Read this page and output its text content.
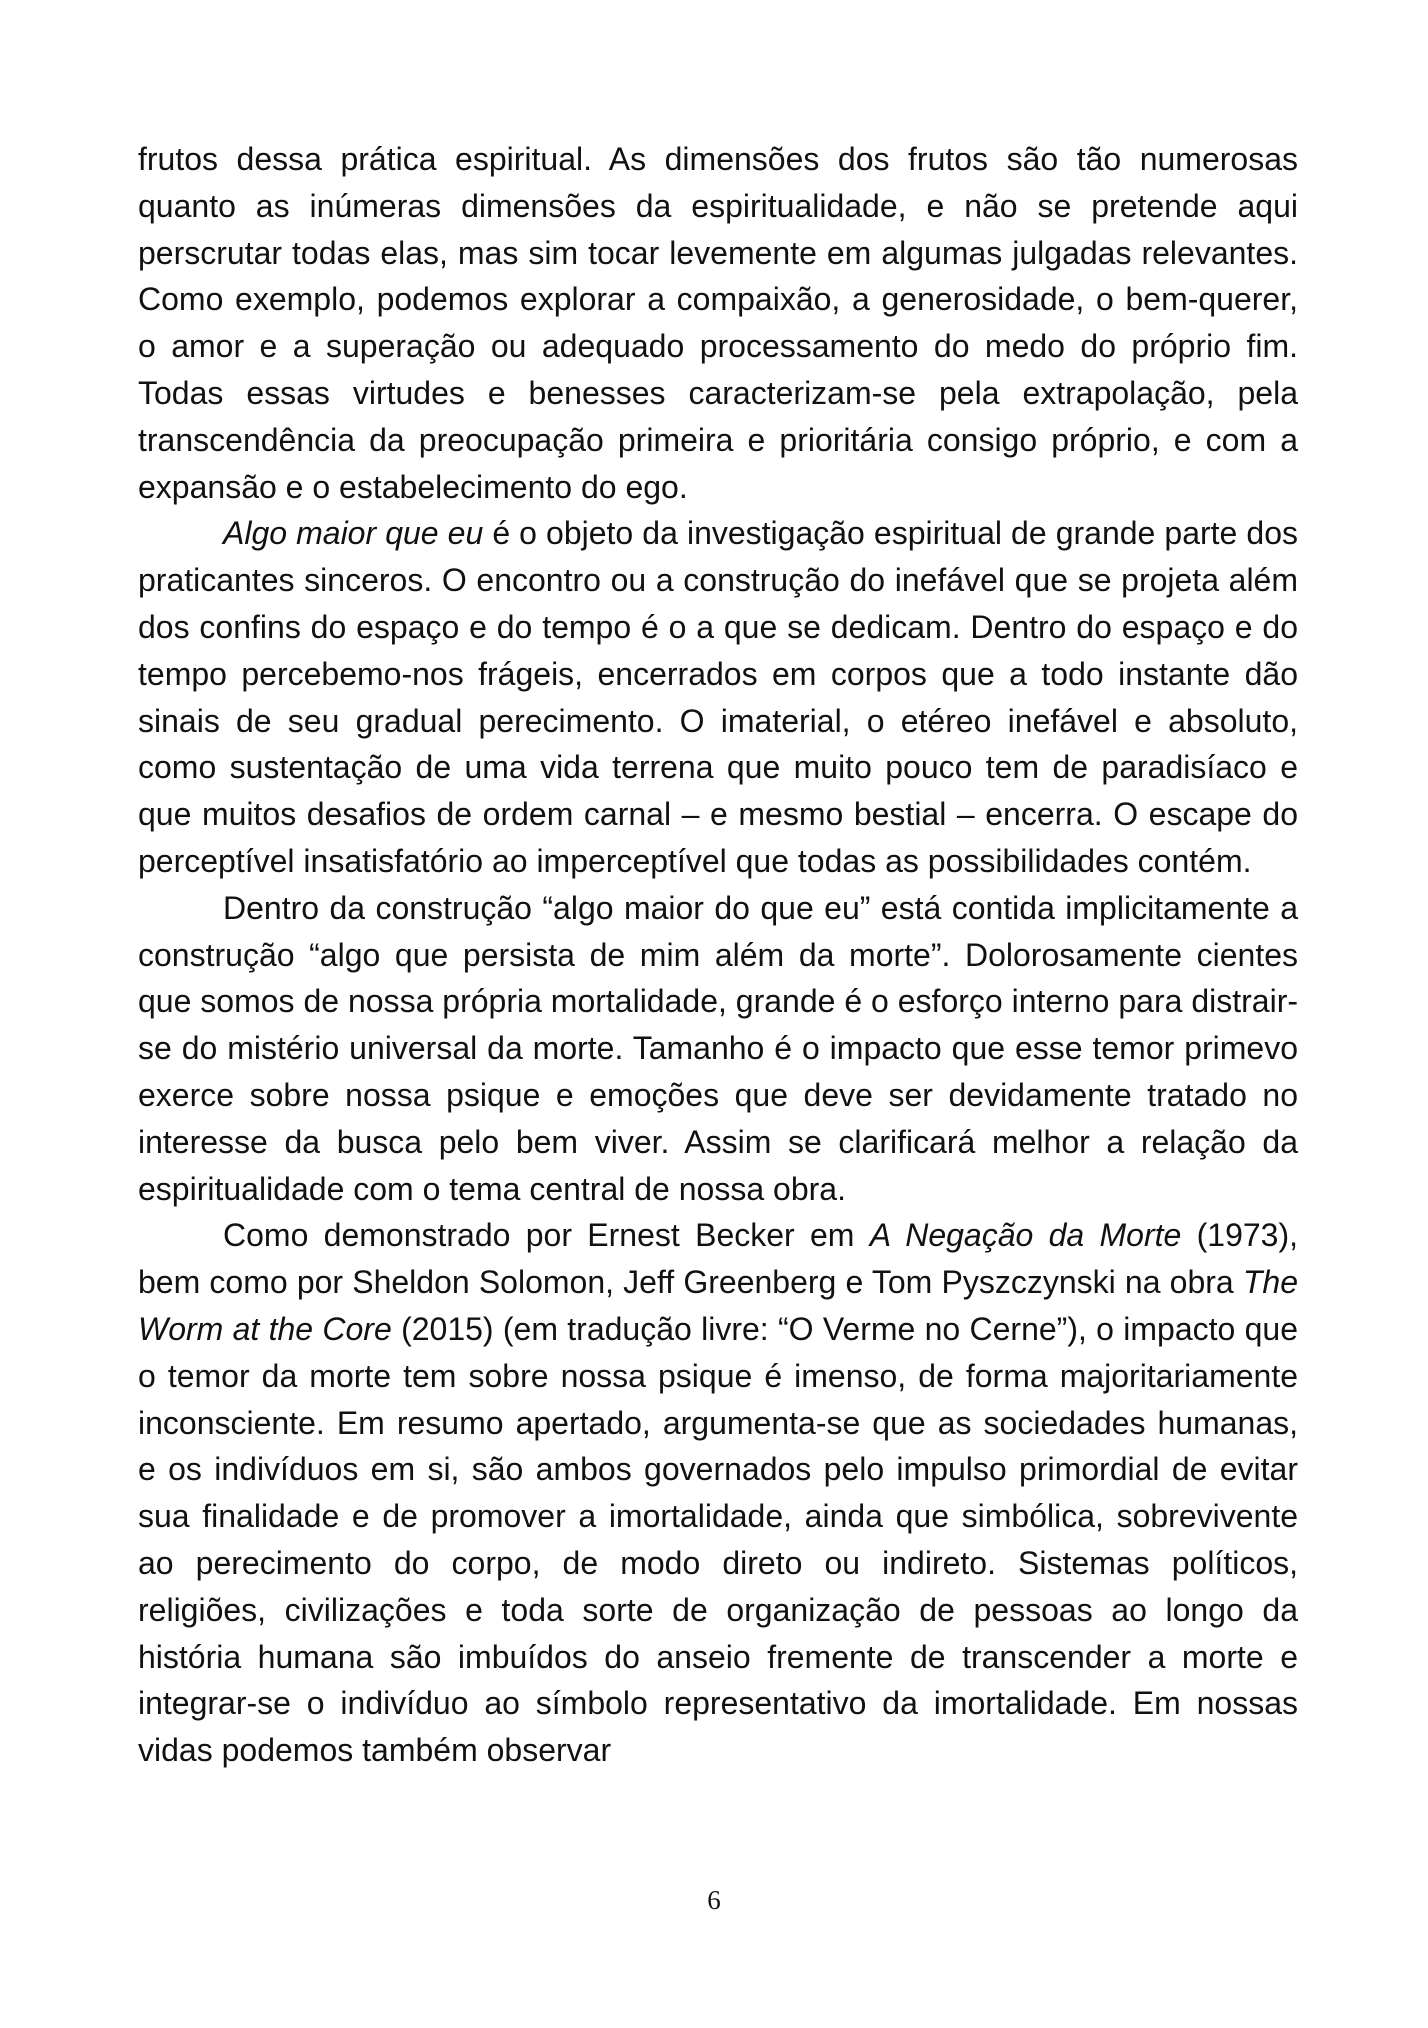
frutos dessa prática espiritual. As dimensões dos frutos são tão numerosas quanto as inúmeras dimensões da espiritualidade, e não se pretende aqui perscrutar todas elas, mas sim tocar levemente em algumas julgadas relevantes. Como exemplo, podemos explorar a compaixão, a generosidade, o bem-querer, o amor e a superação ou adequado processamento do medo do próprio fim. Todas essas virtudes e benesses caracterizam-se pela extrapolação, pela transcendência da preocupação primeira e prioritária consigo próprio, e com a expansão e o estabelecimento do ego.

Algo maior que eu é o objeto da investigação espiritual de grande parte dos praticantes sinceros. O encontro ou a construção do inefável que se projeta além dos confins do espaço e do tempo é o a que se dedicam. Dentro do espaço e do tempo percebemo-nos frágeis, encerrados em corpos que a todo instante dão sinais de seu gradual perecimento. O imaterial, o etéreo inefável e absoluto, como sustentação de uma vida terrena que muito pouco tem de paradisíaco e que muitos desafios de ordem carnal – e mesmo bestial – encerra. O escape do perceptível insatisfatório ao imperceptível que todas as possibilidades contém.

Dentro da construção “algo maior do que eu” está contida implicitamente a construção “algo que persista de mim além da morte”. Dolorosamente cientes que somos de nossa própria mortalidade, grande é o esforço interno para distrair-se do mistério universal da morte. Tamanho é o impacto que esse temor primevo exerce sobre nossa psique e emoções que deve ser devidamente tratado no interesse da busca pelo bem viver. Assim se clarificará melhor a relação da espiritualidade com o tema central de nossa obra.

Como demonstrado por Ernest Becker em A Negação da Morte (1973), bem como por Sheldon Solomon, Jeff Greenberg e Tom Pyszczynski na obra The Worm at the Core (2015) (em tradução livre: “O Verme no Cerne”), o impacto que o temor da morte tem sobre nossa psique é imenso, de forma majoritariamente inconsciente. Em resumo apertado, argumenta-se que as sociedades humanas, e os indivíduos em si, são ambos governados pelo impulso primordial de evitar sua finalidade e de promover a imortalidade, ainda que simbólica, sobrevivente ao perecimento do corpo, de modo direto ou indireto. Sistemas políticos, religiões, civilizações e toda sorte de organização de pessoas ao longo da história humana são imbuídos do anseio fremente de transcender a morte e integrar-se o indivíduo ao símbolo representativo da imortalidade. Em nossas vidas podemos também observar

6
